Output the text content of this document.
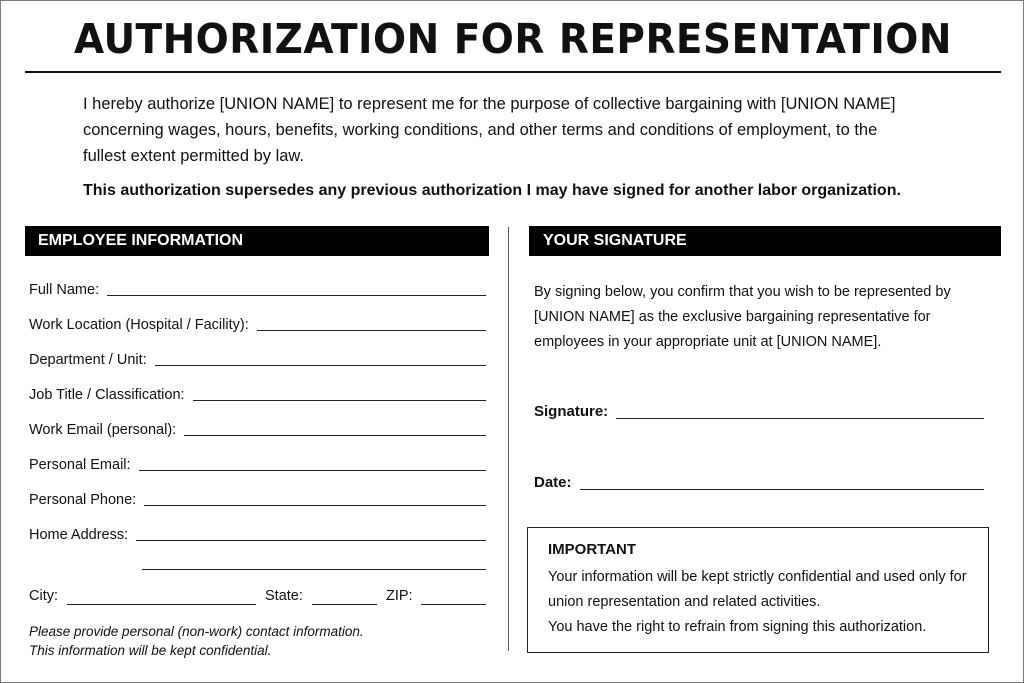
AUTHORIZATION FOR REPRESENTATION

I hereby authorize [UNION NAME] to represent me for the purpose of collective bargaining with [UNION NAME] concerning wages, hours, benefits, working conditions, and other terms and conditions of employment, to the fullest extent permitted by law.

This authorization supersedes any previous authorization I may have signed for another labor organization.

EMPLOYEE INFORMATION
Full Name:
Work Location (Hospital / Facility):
Department / Unit:
Job Title / Classification:
Work Email (personal):
Personal Email:
Personal Phone:
Home Address:
City:	State:	ZIP:

Please provide personal (non-work) contact information.
This information will be kept confidential.

YOUR SIGNATURE

By signing below, you confirm that you wish to be represented by [UNION NAME] as the exclusive bargaining representative for employees in your appropriate unit at [UNION NAME].

Signature:
Date:
IMPORTANT

Your information will be kept strictly confidential and used only for union representation and related activities.

You have the right to refrain from signing this authorization.
